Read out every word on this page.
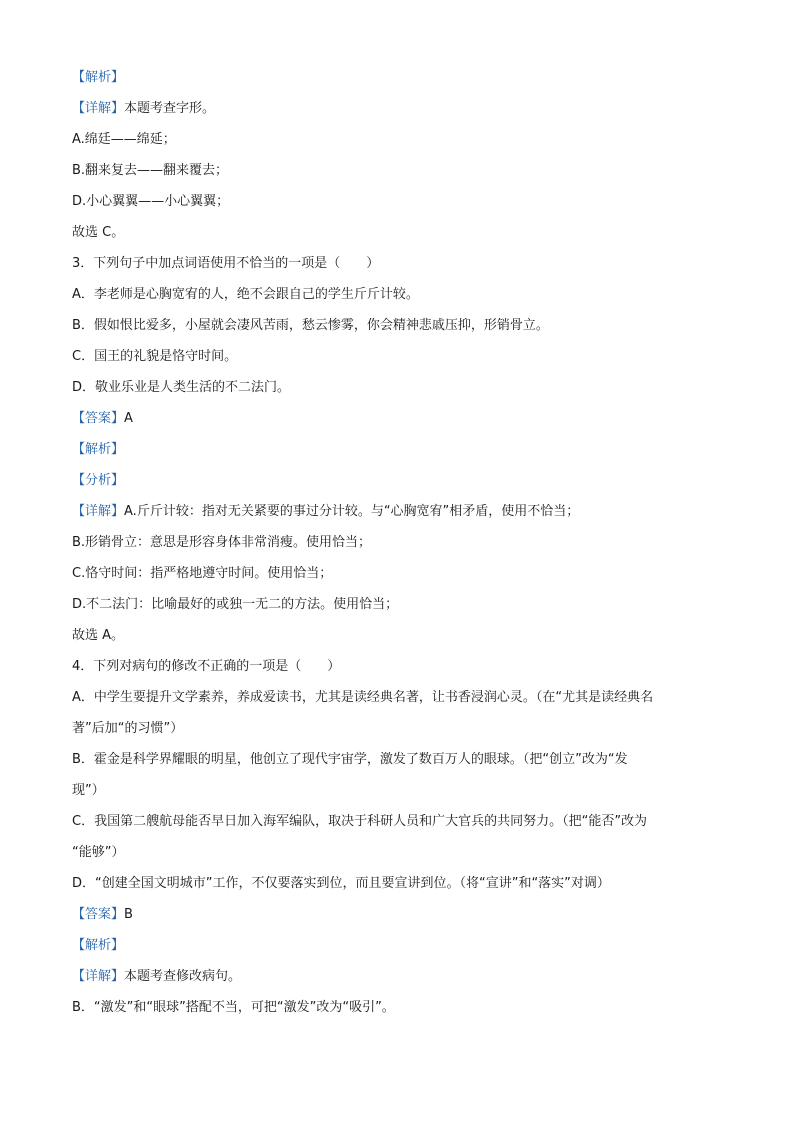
【解析】
【详解】本题考查字形。
A.绵廷——绵延；
B.翻来复去——翻来覆去；
D.小心翼翼——小心翼翼；
故选 C。
3．下列句子中加点词语使用不恰当的一项是（　　）
A．李老师是心胸宽宥的人，绝不会跟自己的学生斤斤计较。
B．假如恨比爱多，小屋就会凄风苦雨，愁云惨雾，你会精神悲戚压抑，形销骨立。
C．国王的礼貌是恪守时间。
D．敬业乐业是人类生活的不二法门。
【答案】A
【解析】
【分析】
【详解】A.斤斤计较：指对无关紧要的事过分计较。与“心胸宽宥”相矛盾，使用不恰当；
B.形销骨立：意思是形容身体非常消瘦。使用恰当；
C.恪守时间：指严格地遵守时间。使用恰当；
D.不二法门：比喻最好的或独一无二的方法。使用恰当；
故选 A。
4．下列对病句的修改不正确的一项是（　　）
A．中学生要提升文学素养，养成爱读书，尤其是读经典名著，让书香浸润心灵。（在“尤其是读经典名
著”后加“的习惯”）
B．霍金是科学界耀眼的明星，他创立了现代宇宙学，激发了数百万人的眼球。（把“创立”改为“发
现”）
C．我国第二艘航母能否早日加入海军编队，取决于科研人员和广大官兵的共同努力。（把“能否”改为
“能够”）
D．“创建全国文明城市”工作，不仅要落实到位，而且要宣讲到位。（将“宣讲”和“落实”对调）
【答案】B
【解析】
【详解】本题考查修改病句。
B．“激发”和“眼球”搭配不当，可把“激发”改为“吸引”。
